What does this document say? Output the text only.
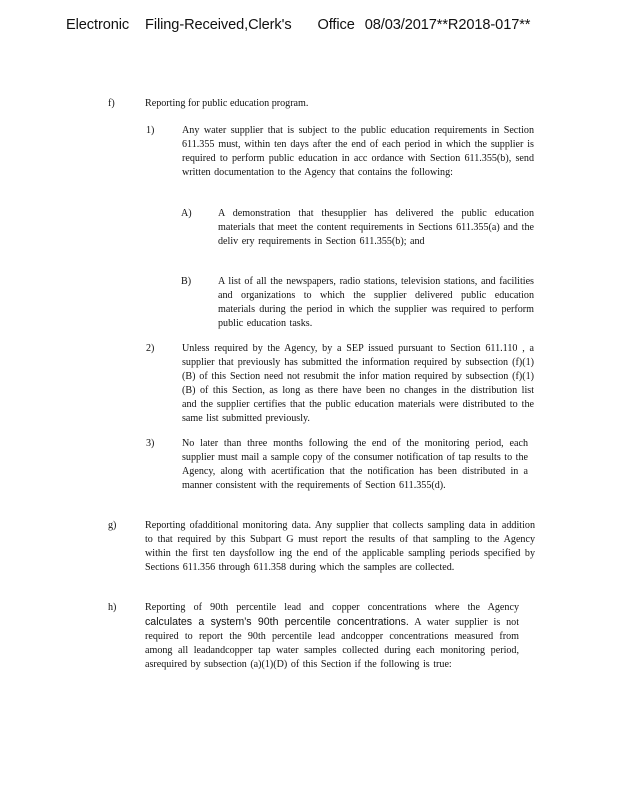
Electronic Filing-Received,Clerk's Office 08/03/2017**R2018-017**
f)	Reporting for public education program.
1)	Any water supplier that is subject to the public education requirements in Section 611.355 must, within ten days after the end of each period in which the supplier is required to perform public education in acc ordance with Section 611.355(b), send written documentation to the Agency that contains the following:
A)	A demonstration that thesupplier has delivered the public education materials that meet the content requirements in Sections 611.355(a) and the deliv ery requirements in Section 611.355(b); and
B)	A list of all the newspapers, radio stations, television stations, and facilities and organizations to which the supplier delivered public education materials during the period in which the supplier was required to perform public education tasks.
2)	Unless required by the Agency, by a SEP issued pursuant to Section 611.110 , a supplier that previously has submitted the information required by subsection (f)(1)(B) of this Section need not resubmit the infor mation required by subsection (f)(1)(B) of this Section, as long as there have been no changes in the distribution list and the supplier certifies that the public education materials were distributed to the same list submitted previously.
3)	No later than three months following the end of the monitoring period, each supplier must mail a sample copy of the consumer notification of tap results to the Agency, along with acertification that the notification has been distributed in a manner consistent with the requirements of Section 611.355(d).
g)	Reporting ofadditional monitoring data. Any supplier that collects sampling data in addition to that required by this Subpart G must report the results of that sampling to the Agency within the first ten daysfollow ing the end of the applicable sampling periods specified by Sections 611.356 through 611.358 during which the samples are collected.
h)	Reporting of 90th percentile lead and copper concentrations where the Agency calculates a system’s 90th percentile concentrations. A water supplier is not required to report the 90th percentile lead andcopper concentrations measured from among all leadandcopper tap water samples collected during each monitoring period, asrequired by subsection (a)(1)(D) of this Section if the following is true:
